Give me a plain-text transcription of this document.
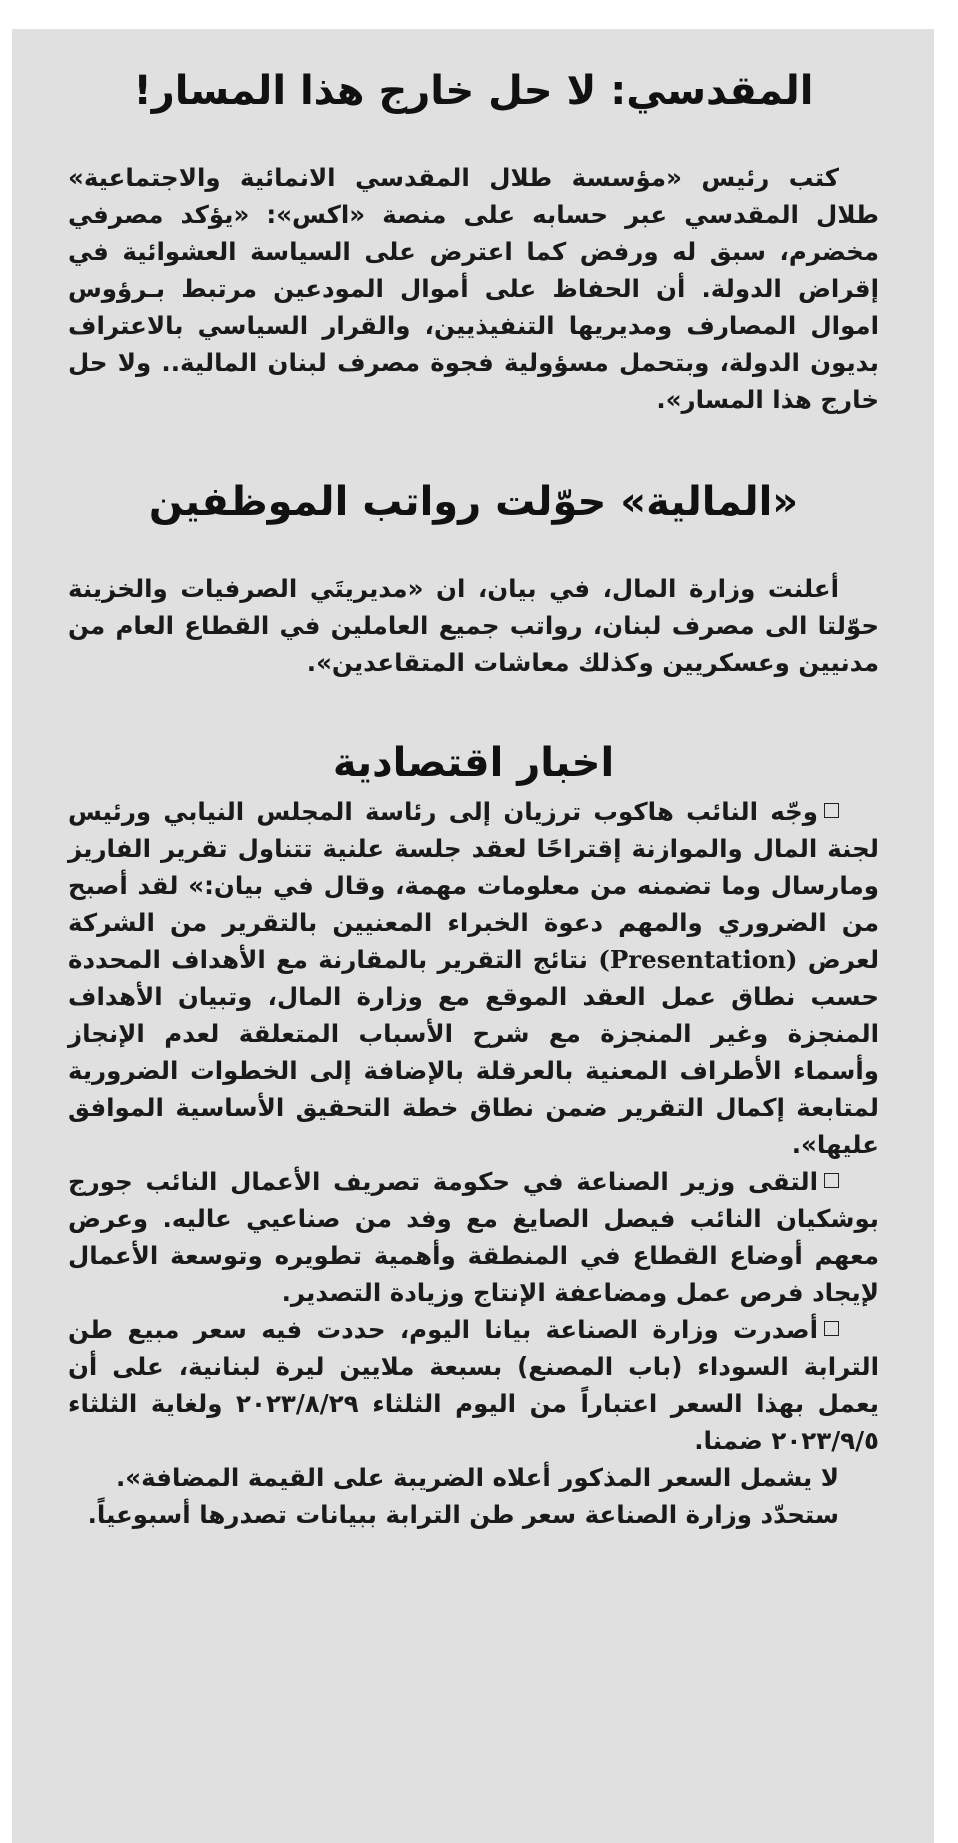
المقدسي: لا حل خارج هذا المسار!

كتب رئيس «مؤسسة طلال المقدسي الانمائية والاجتماعية» طلال المقدسي عبر حسابه على منصة «اكس»: «يؤكد مصرفي مخضرم، سبق له ورفض كما اعترض على السياسة العشوائية في إقراض الدولة. أن الحفاظ على أموال المودعين مرتبط بـرؤوس اموال المصارف ومديريها التنفيذيين، والقرار السياسي بالاعتراف بديون الدولة، وبتحمل مسؤولية فجوة مصرف لبنان المالية.. ولا حل خارج هذا المسار».

«المالية» حوّلت رواتب الموظفين

أعلنت وزارة المال، في بيان، ان «مديريتَي الصرفيات والخزينة حوّلتا الى مصرف لبنان، رواتب جميع العاملين في القطاع العام من مدنيين وعسكريين وكذلك معاشات المتقاعدين».

اخبار اقتصادية

وجّه النائب هاكوب ترزيان إلى رئاسة المجلس النيابي ورئيس لجنة المال والموازنة إقتراحًا لعقد جلسة علنية تتناول تقرير الفاريز ومارسال وما تضمنه من معلومات مهمة، وقال في بيان:» لقد أصبح من الضروري والمهم دعوة الخبراء المعنيين بالتقرير من الشركة لعرض (Presentation) نتائج التقرير بالمقارنة مع الأهداف المحددة حسب نطاق عمل العقد الموقع مع وزارة المال، وتبيان الأهداف المنجزة وغير المنجزة مع شرح الأسباب المتعلقة لعدم الإنجاز وأسماء الأطراف المعنية بالعرقلة بالإضافة إلى الخطوات الضرورية لمتابعة إكمال التقرير ضمن نطاق خطة التحقيق الأساسية الموافق عليها».

التقى وزير الصناعة في حكومة تصريف الأعمال النائب جورج بوشكيان النائب فيصل الصايغ مع وفد من صناعيي عاليه. وعرض معهم أوضاع القطاع في المنطقة وأهمية تطويره وتوسعة الأعمال لإيجاد فرص عمل ومضاعفة الإنتاج وزيادة التصدير.

أصدرت وزارة الصناعة بيانا اليوم، حددت فيه سعر مبيع طن الترابة السوداء (باب المصنع) بسبعة ملايين ليرة لبنانية، على أن يعمل بهذا السعر اعتباراً من اليوم الثلثاء ٢٠٢٣/٨/٢٩ ولغاية الثلثاء ٢٠٢٣/٩/٥ ضمنا.

لا يشمل السعر المذكور أعلاه الضريبة على القيمة المضافة».

ستحدّد وزارة الصناعة سعر طن الترابة ببيانات تصدرها أسبوعياً.
